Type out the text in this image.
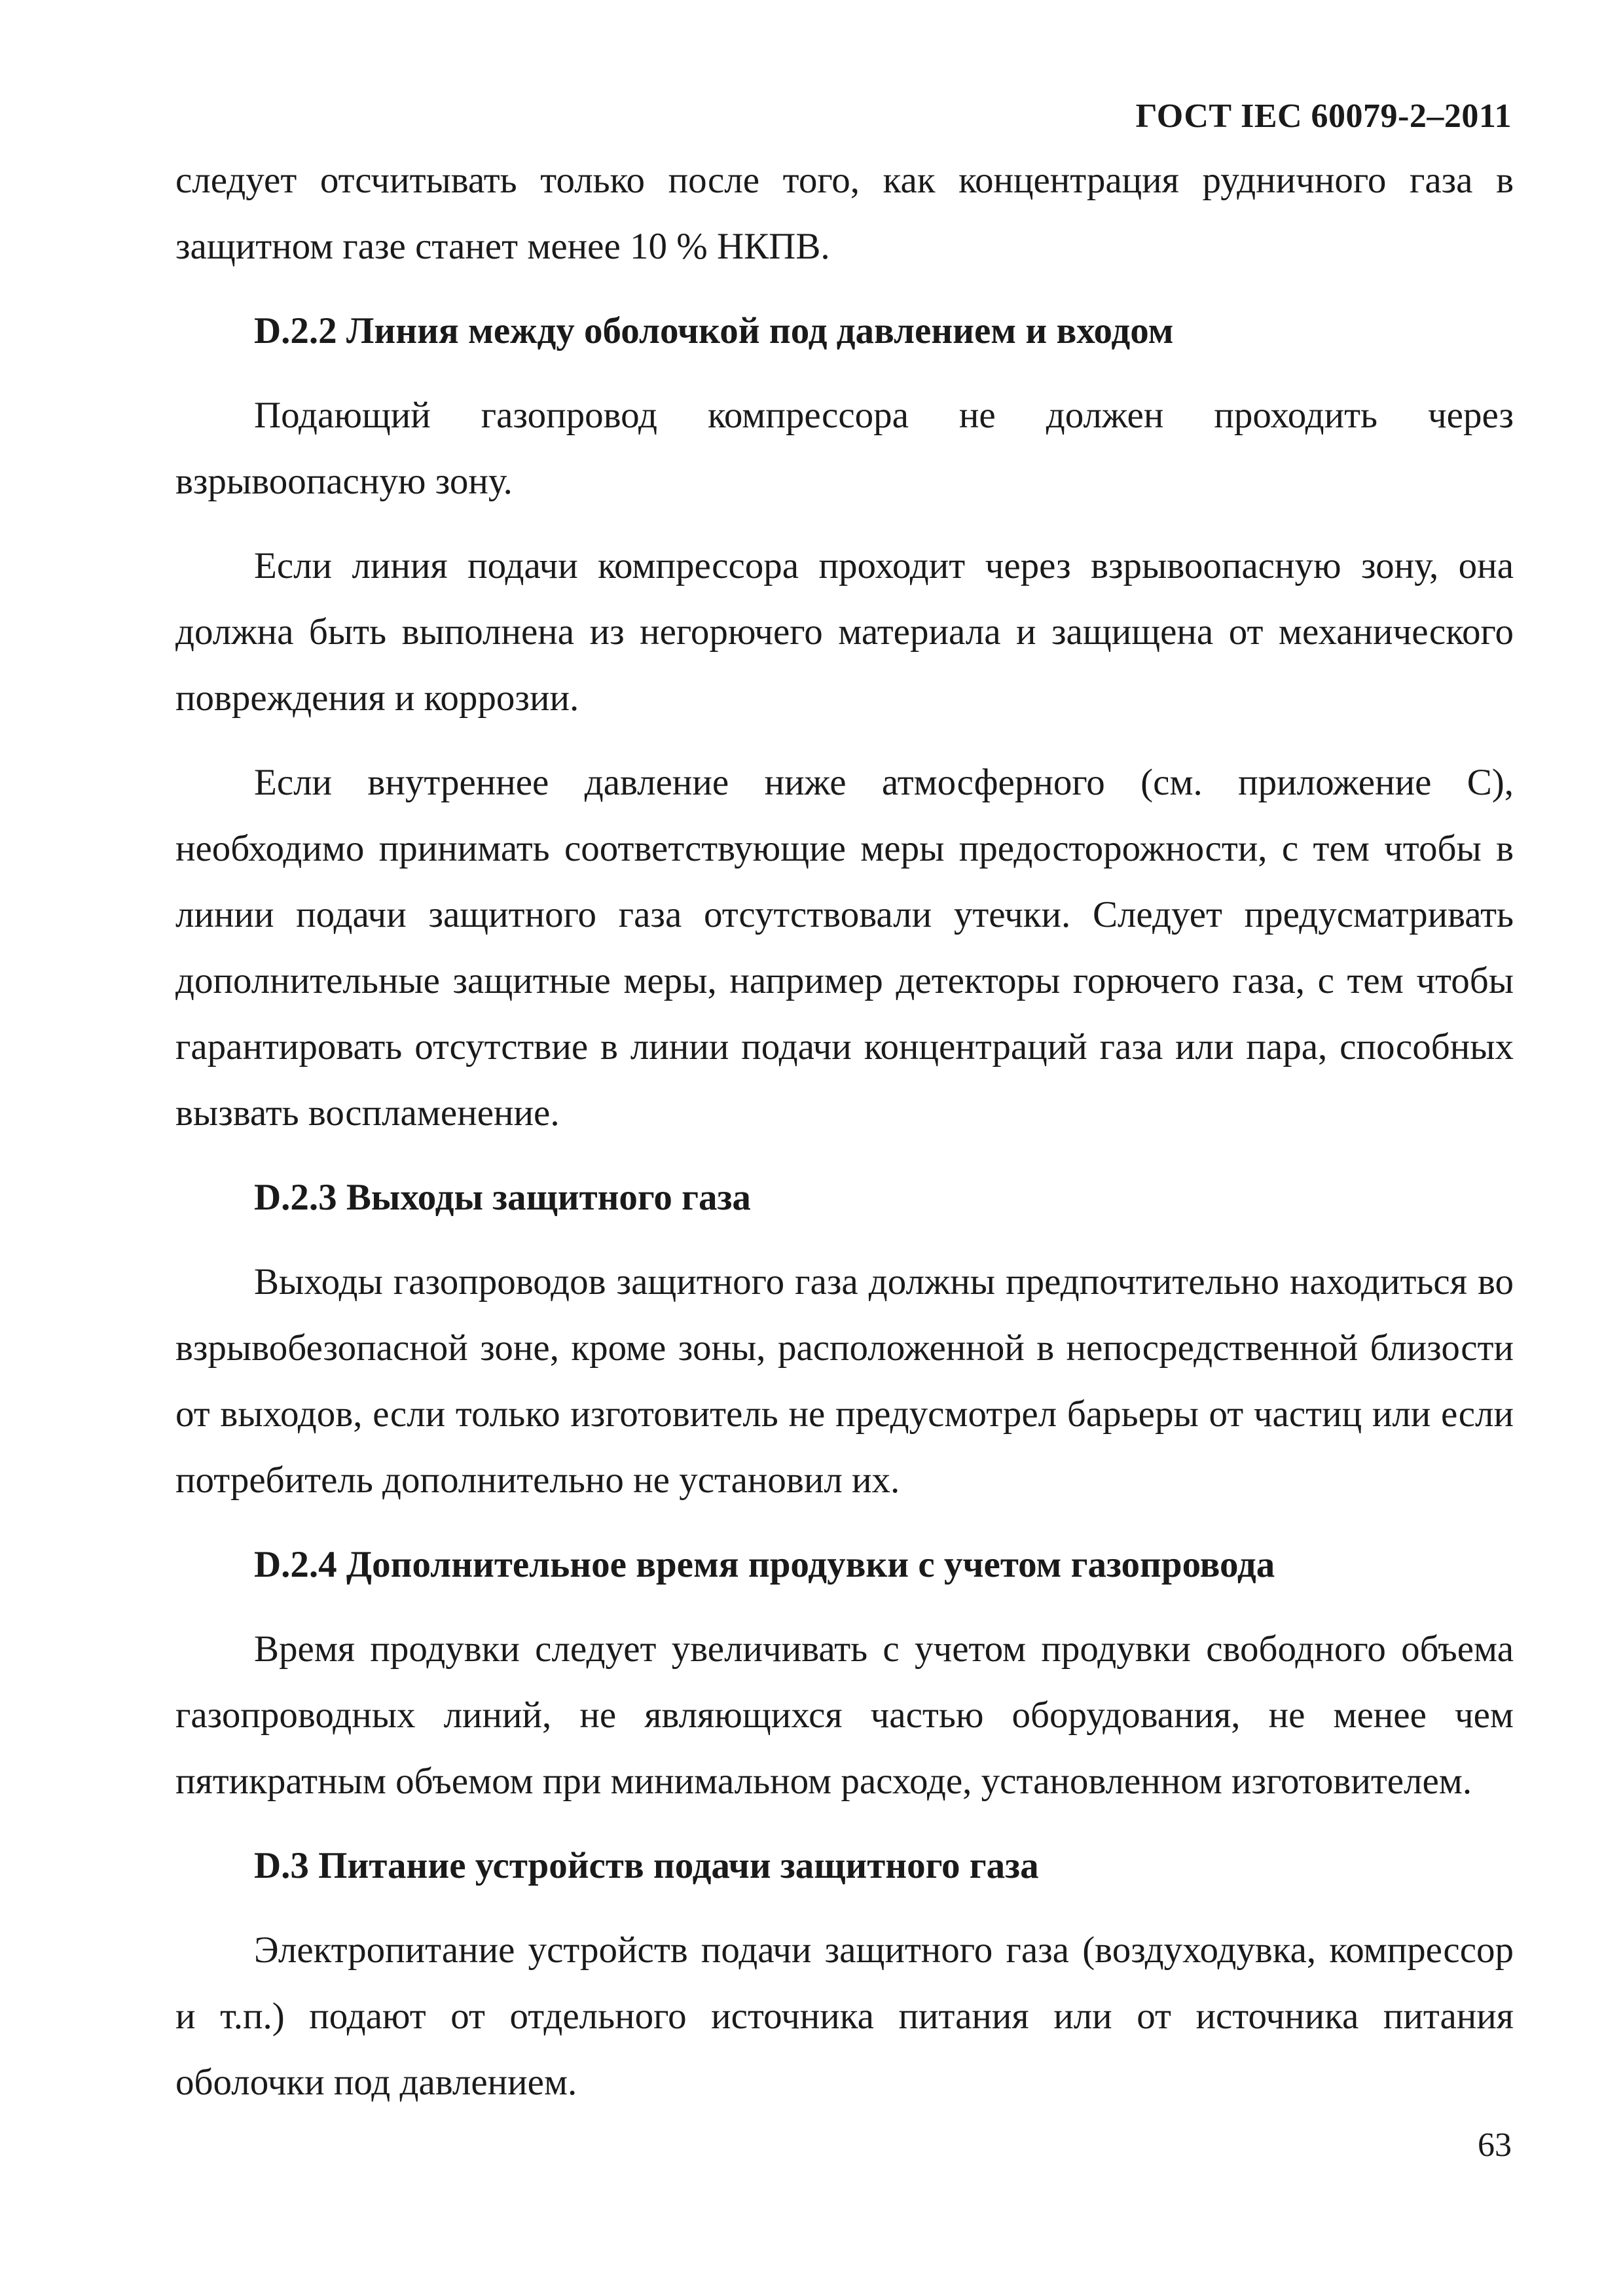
ГОСТ IEC 60079-2–2011

следует отсчитывать только после того, как концентрация рудничного газа в защитном газе станет менее 10 % НКПВ.

D.2.2 Линия между оболочкой под давлением и входом

Подающий газопровод компрессора не должен проходить через взрывоопасную зону.

Если линия подачи компрессора проходит через взрывоопасную зону, она должна быть выполнена из негорючего материала и защищена от механического повреждения и коррозии.

Если внутреннее давление ниже атмосферного (см. приложение С), необходимо принимать соответствующие меры предосторожности, с тем чтобы в линии подачи защитного газа отсутствовали утечки. Следует предусматривать дополнительные защитные меры, например детекторы горючего газа, с тем чтобы гарантировать отсутствие в линии подачи концентраций газа или пара, способных вызвать воспламенение.

D.2.3 Выходы защитного газа

Выходы газопроводов защитного газа должны предпочтительно находиться во взрывобезопасной зоне, кроме зоны, расположенной в непосредственной близости от выходов, если только изготовитель не предусмотрел барьеры от частиц или если потребитель дополнительно не установил их.

D.2.4 Дополнительное время продувки с учетом газопровода

Время продувки следует увеличивать с учетом продувки свободного объема газопроводных линий, не являющихся частью оборудования, не менее чем пятикратным объемом при минимальном расходе, установленном изготовителем.

D.3 Питание устройств подачи защитного газа

Электропитание устройств подачи защитного газа (воздуходувка, компрессор и т.п.) подают от отдельного источника питания или от источника питания оболочки под давлением.

63
